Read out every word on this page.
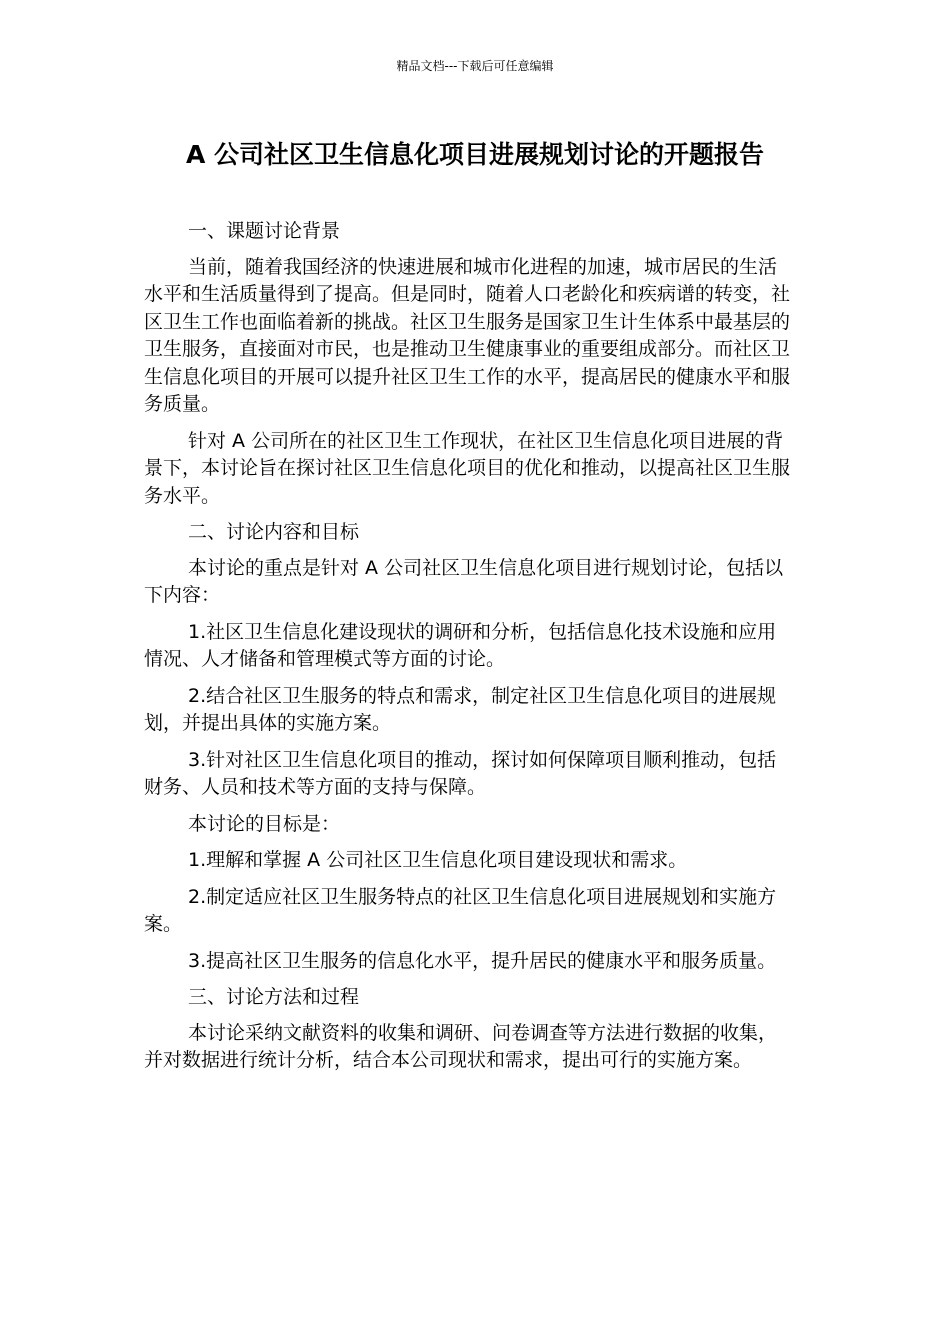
精品文档---下载后可任意编辑
A 公司社区卫生信息化项目进展规划讨论的开题报告

一、课题讨论背景

当前，随着我国经济的快速进展和城市化进程的加速，城市居民的生活水平和生活质量得到了提高。但是同时，随着人口老龄化和疾病谱的转变，社区卫生工作也面临着新的挑战。社区卫生服务是国家卫生计生体系中最基层的卫生服务，直接面对市民，也是推动卫生健康事业的重要组成部分。而社区卫生信息化项目的开展可以提升社区卫生工作的水平，提高居民的健康水平和服务质量。

针对 A 公司所在的社区卫生工作现状，在社区卫生信息化项目进展的背景下，本讨论旨在探讨社区卫生信息化项目的优化和推动，以提高社区卫生服务水平。

二、讨论内容和目标

本讨论的重点是针对 A 公司社区卫生信息化项目进行规划讨论，包括以下内容：

1.社区卫生信息化建设现状的调研和分析，包括信息化技术设施和应用情况、人才储备和管理模式等方面的讨论。

2.结合社区卫生服务的特点和需求，制定社区卫生信息化项目的进展规划，并提出具体的实施方案。

3.针对社区卫生信息化项目的推动，探讨如何保障项目顺利推动，包括财务、人员和技术等方面的支持与保障。

本讨论的目标是：

1.理解和掌握 A 公司社区卫生信息化项目建设现状和需求。

2.制定适应社区卫生服务特点的社区卫生信息化项目进展规划和实施方案。

3.提高社区卫生服务的信息化水平，提升居民的健康水平和服务质量。

三、讨论方法和过程

本讨论采纳文献资料的收集和调研、问卷调查等方法进行数据的收集，并对数据进行统计分析，结合本公司现状和需求，提出可行的实施方案。
